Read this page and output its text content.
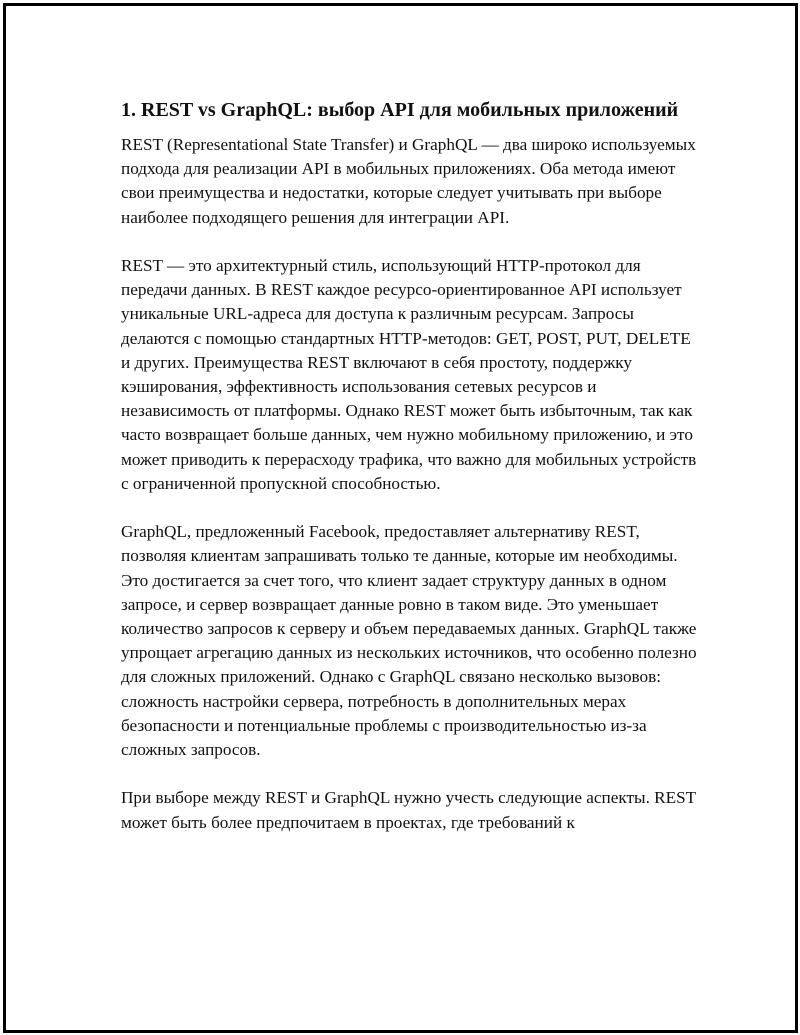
1. REST vs GraphQL: выбор API для мобильных приложений

REST (Representational State Transfer) и GraphQL — два широко используемых подхода для реализации API в мобильных приложениях. Оба метода имеют свои преимущества и недостатки, которые следует учитывать при выборе наиболее подходящего решения для интеграции API.

REST — это архитектурный стиль, использующий HTTP-протокол для передачи данных. В REST каждое ресурсо-ориентированное API использует уникальные URL-адреса для доступа к различным ресурсам. Запросы делаются с помощью стандартных HTTP-методов: GET, POST, PUT, DELETE и других. Преимущества REST включают в себя простоту, поддержку кэширования, эффективность использования сетевых ресурсов и независимость от платформы. Однако REST может быть избыточным, так как часто возвращает больше данных, чем нужно мобильному приложению, и это может приводить к перерасходу трафика, что важно для мобильных устройств с ограниченной пропускной способностью.

GraphQL, предложенный Facebook, предоставляет альтернативу REST, позволяя клиентам запрашивать только те данные, которые им необходимы. Это достигается за счет того, что клиент задает структуру данных в одном запросе, и сервер возвращает данные ровно в таком виде. Это уменьшает количество запросов к серверу и объем передаваемых данных. GraphQL также упрощает агрегацию данных из нескольких источников, что особенно полезно для сложных приложений. Однако с GraphQL связано несколько вызовов: сложность настройки сервера, потребность в дополнительных мерах безопасности и потенциальные проблемы с производительностью из-за сложных запросов.

При выборе между REST и GraphQL нужно учесть следующие аспекты. REST может быть более предпочитаем в проектах, где требований к
